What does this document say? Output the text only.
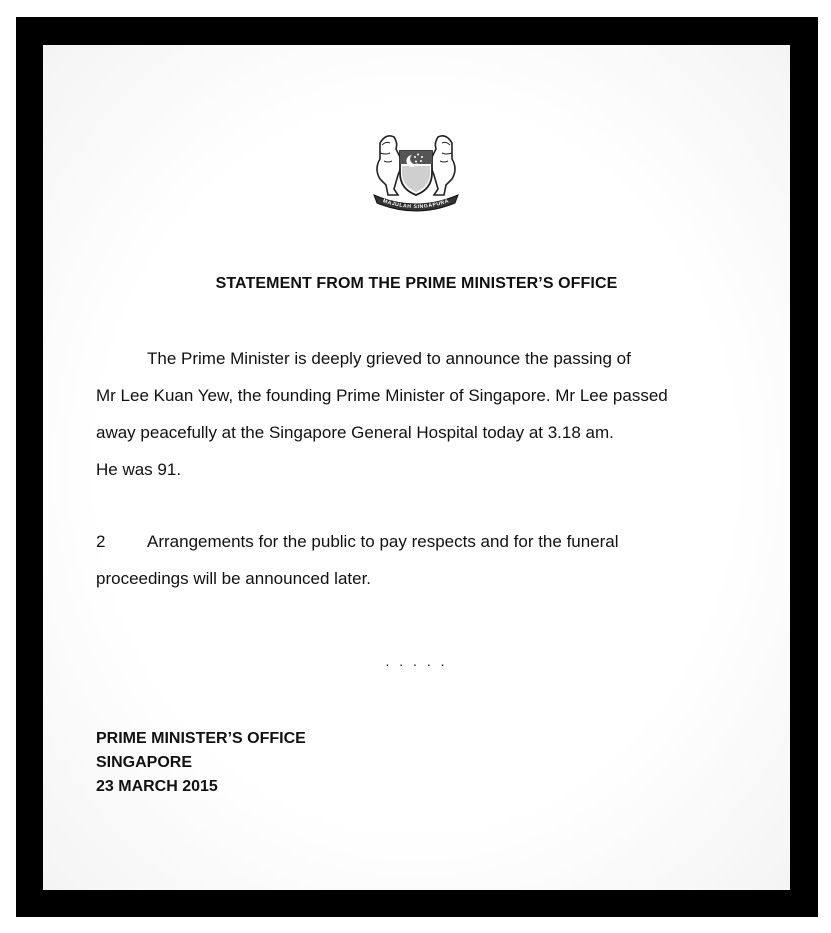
MAJULAH SINGAPURA
STATEMENT FROM THE PRIME MINISTER’S OFFICE

The Prime Minister is deeply grieved to announce the passing of

Mr Lee Kuan Yew, the founding Prime Minister of Singapore. Mr Lee passed

away peacefully at the Singapore General Hospital today at 3.18 am.

He was 91.

2 Arrangements for the public to pay respects and for the funeral

proceedings will be announced later.

. . . . .
PRIME MINISTER’S OFFICE
SINGAPORE
23 MARCH 2015
